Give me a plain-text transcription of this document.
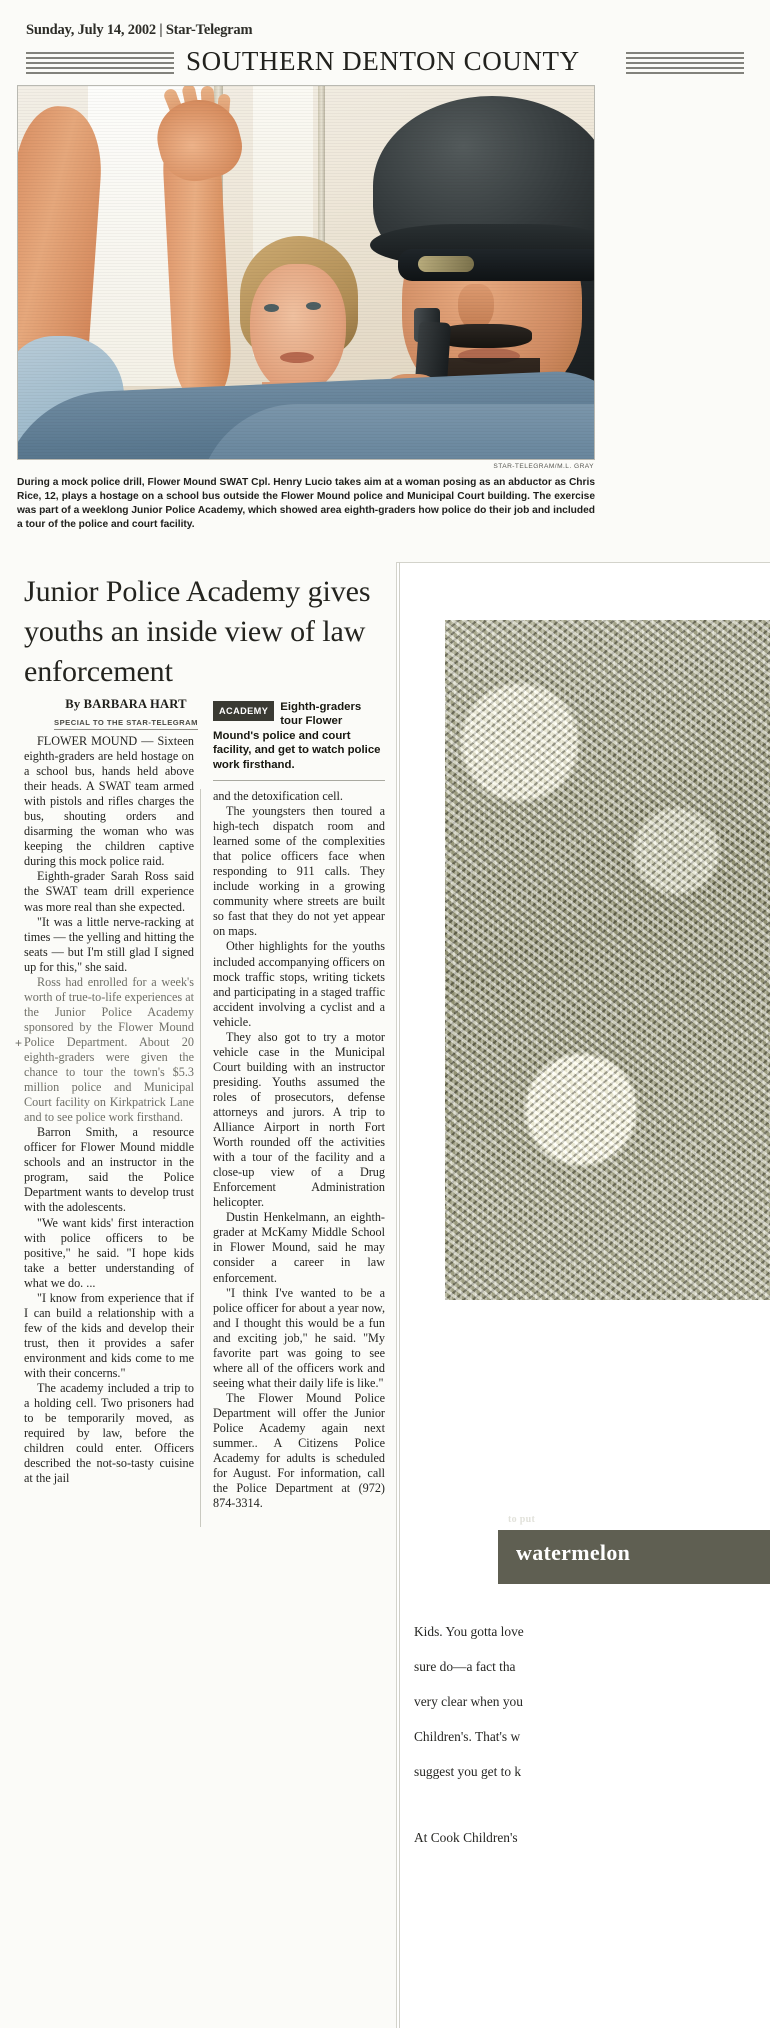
Sunday, July 14, 2002 | Star-Telegram
SOUTHERN DENTON COUNTY
STAR-TELEGRAM/M.L. GRAY
During a mock police drill, Flower Mound SWAT Cpl. Henry Lucio takes aim at a woman posing as an abductor as Chris Rice, 12, plays a hostage on a school bus outside the Flower Mound police and Municipal Court building. The exercise was part of a weeklong Junior Police Academy, which showed area eighth-graders how police do their job and included a tour of the police and court facility.
Junior Police Academy gives youths an inside view of law enforcement
By BARBARA HART
SPECIAL TO THE STAR-TELEGRAM
ACADEMY	Eighth-graders tour Flower Mound's police and court facility, and get to watch police work firsthand.
+

FLOWER MOUND — Sixteen eighth-graders are held hostage on a school bus, hands held above their heads. A SWAT team armed with pistols and rifles charges the bus, shouting orders and disarming the woman who was keeping the children captive during this mock police raid.

Eighth-grader Sarah Ross said the SWAT team drill experience was more real than she expected.

"It was a little nerve-racking at times — the yelling and hitting the seats — but I'm still glad I signed up for this," she said.

Ross had enrolled for a week's worth of true-to-life experiences at the Junior Police Academy sponsored by the Flower Mound Police Department. About 20 eighth-graders were given the chance to tour the town's $5.3 million police and Municipal Court facility on Kirkpatrick Lane and to see police work firsthand.

Barron Smith, a resource officer for Flower Mound middle schools and an instructor in the program, said the Police Department wants to develop trust with the adolescents.

"We want kids' first interaction with police officers to be positive," he said. "I hope kids take a better understanding of what we do. ...

"I know from experience that if I can build a relationship with a few of the kids and develop their trust, then it provides a safer environment and kids come to me with their concerns."

The academy included a trip to a holding cell. Two prisoners had to be temporarily moved, as required by law, before the children could enter. Officers described the not-so-tasty cuisine at the jail

and the detoxification cell.

The youngsters then toured a high-tech dispatch room and learned some of the complexities that police officers face when responding to 911 calls. They include working in a growing community where streets are built so fast that they do not yet appear on maps.

Other highlights for the youths included accompanying officers on mock traffic stops, writing tickets and participating in a staged traffic accident involving a cyclist and a vehicle.

They also got to try a motor vehicle case in the Municipal Court building with an instructor presiding. Youths assumed the roles of prosecutors, defense attorneys and jurors. A trip to Alliance Airport in north Fort Worth rounded off the activities with a tour of the facility and a close-up view of a Drug Enforcement Administration helicopter.

Dustin Henkelmann, an eighth-grader at McKamy Middle School in Flower Mound, said he may consider a career in law enforcement.

"I think I've wanted to be a police officer for about a year now, and I thought this would be a fun and exciting job," he said. "My favorite part was going to see where all of the officers work and seeing what their daily life is like."

The Flower Mound Police Department will offer the Junior Police Academy again next summer.. A Citizens Police Academy for adults is scheduled for August. For information, call the Police Department at (972) 874-3314.

to put
watermelon
Kids. You gotta love
sure do—a fact tha
very clear when you
Children's. That's w
suggest you get to k
At Cook Children's
